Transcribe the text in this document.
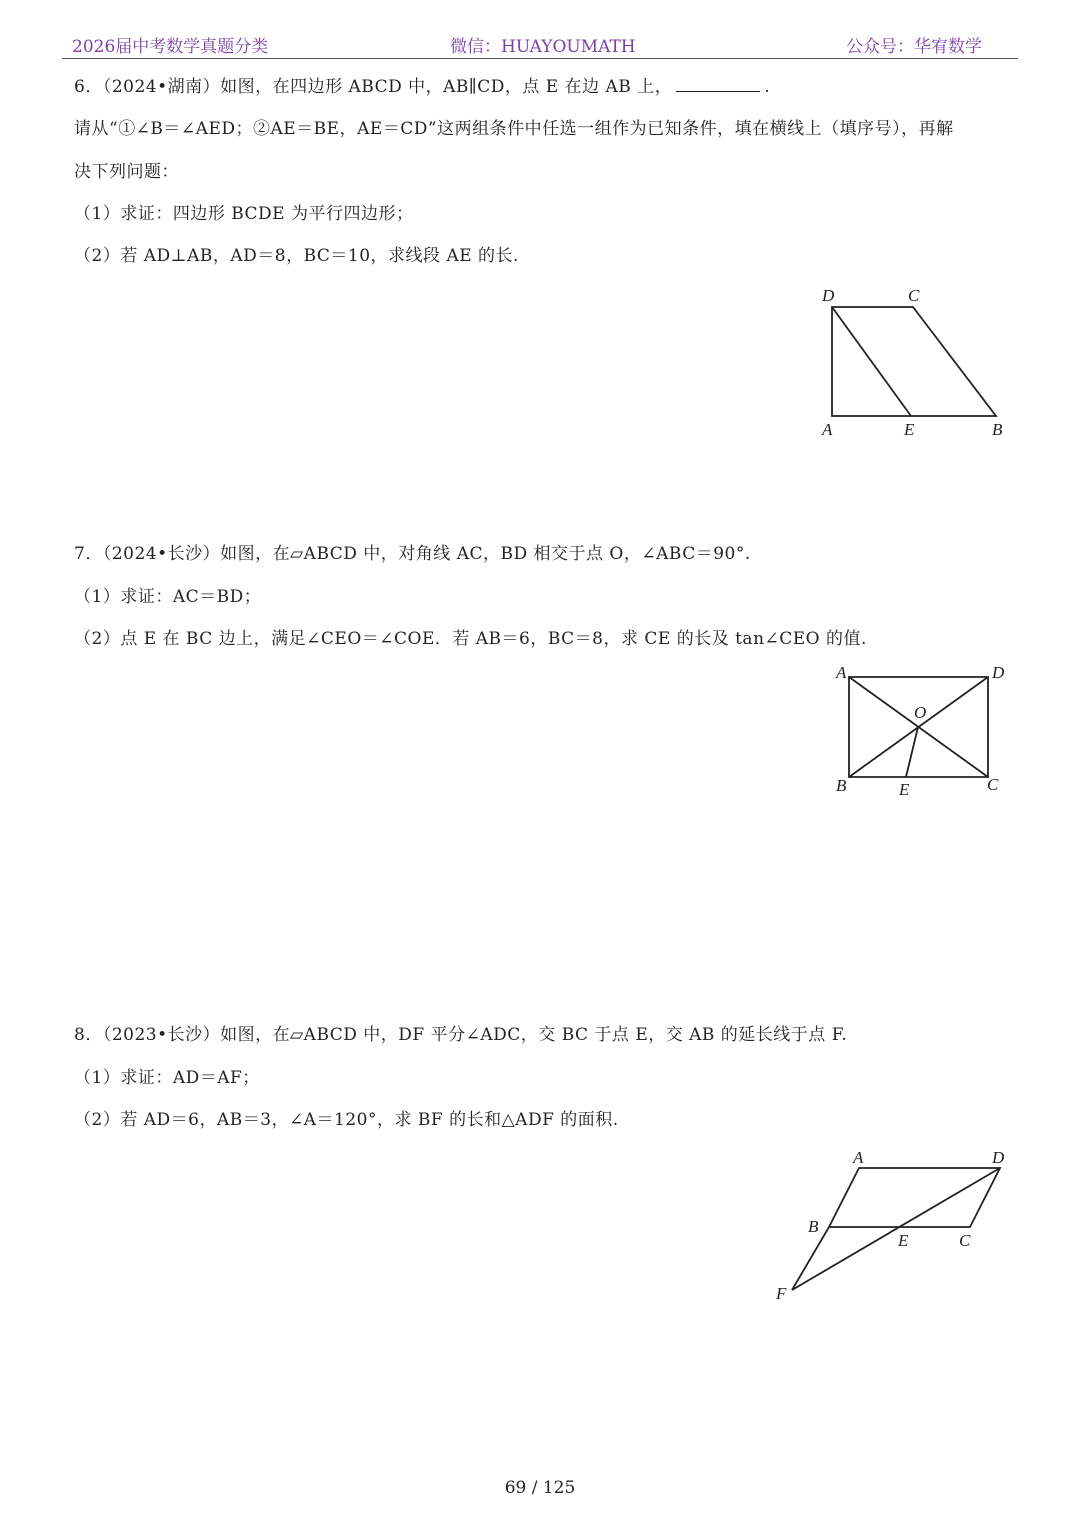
2026届中考数学真题分类	微信：HUAYOUMATH	公众号：华宥数学
6．（2024•湖南）如图，在四边形 ABCD 中，AB∥CD，点 E 在边 AB 上，	.
请从“①∠B＝∠AED；②AE＝BE，AE＝CD”这两组条件中任选一组作为已知条件，填在横线上（填序号），再解
决下列问题：
（1）求证：四边形 BCDE 为平行四边形；
（2）若 AD⊥AB，AD＝8，BC＝10，求线段 AE 的长.
D	C
A	E	B
7．（2024•长沙）如图，在▱ABCD 中，对角线 AC，BD 相交于点 O，∠ABC＝90°.
（1）求证：AC＝BD；
（2）点 E 在 BC 边上，满足∠CEO＝∠COE．若 AB＝6，BC＝8，求 CE 的长及 tan∠CEO 的值.
A	D
O
B	E	C
8．（2023•长沙）如图，在▱ABCD 中，DF 平分∠ADC，交 BC 于点 E，交 AB 的延长线于点 F.
（1）求证：AD＝AF；
（2）若 AD＝6，AB＝3，∠A＝120°，求 BF 的长和△ADF 的面积.
A	D
B
E	C
F
69 / 125
